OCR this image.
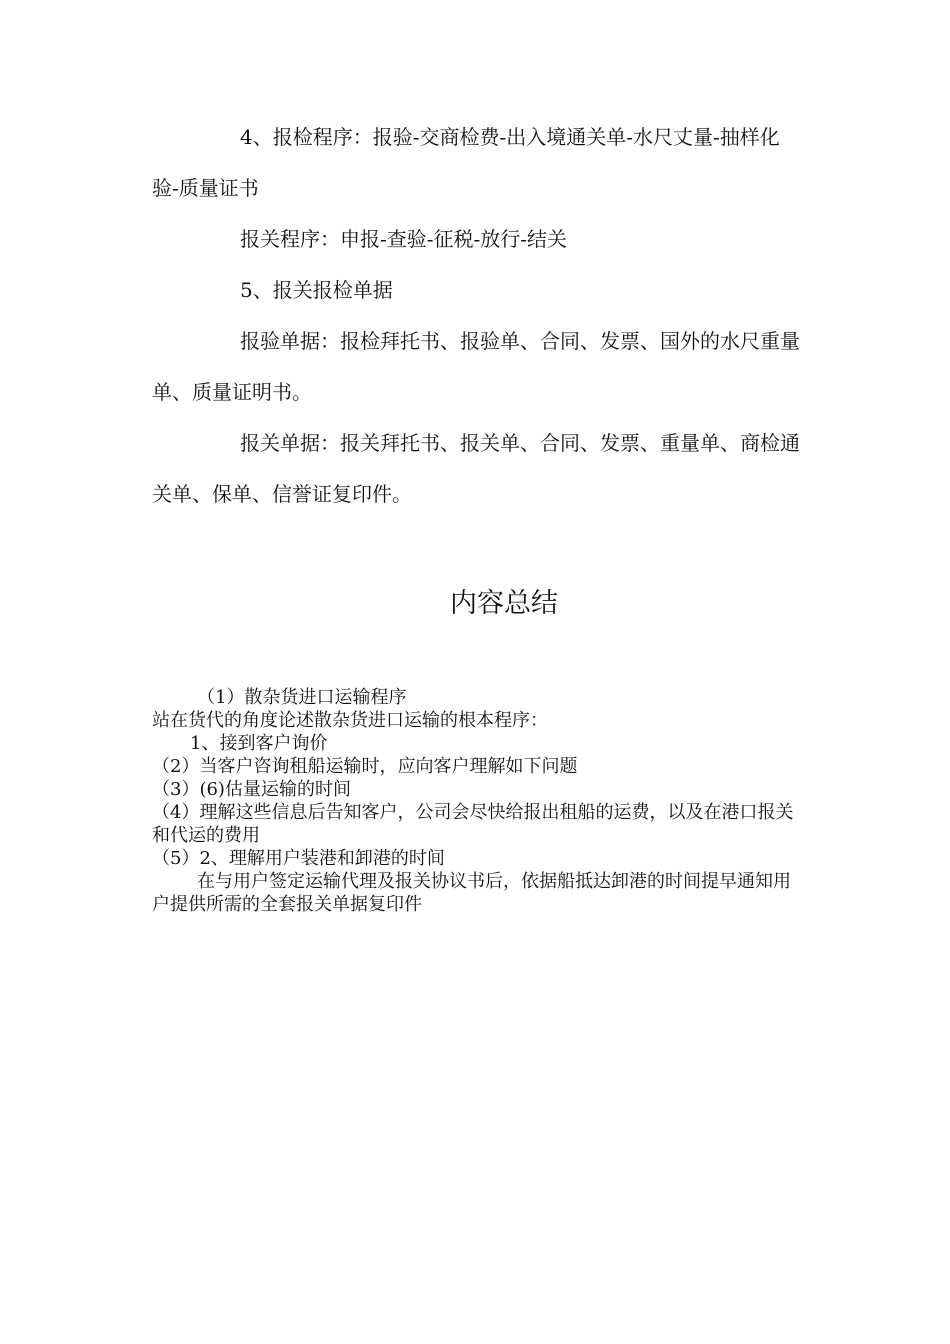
4、报检程序：报验-交商检费-出入境通关单-水尺丈量-抽样化验-质量证书

报关程序：申报-查验-征税-放行-结关

5、报关报检单据

报验单据：报检拜托书、报验单、合同、发票、国外的水尺重量单、质量证明书。

报关单据：报关拜托书、报关单、合同、发票、重量单、商检通关单、保单、信誉证复印件。

内容总结

（1）散杂货进口运输程序

站在货代的角度论述散杂货进口运输的根本程序：

1、接到客户询价

（2）当客户咨询租船运输时，应向客户理解如下问题

（3）(6)估量运输的时间

（4）理解这些信息后告知客户，公司会尽快给报出租船的运费，以及在港口报关和代运的费用

（5）2、理解用户装港和卸港的时间

在与用户签定运输代理及报关协议书后，依据船抵达卸港的时间提早通知用户提供所需的全套报关单据复印件
